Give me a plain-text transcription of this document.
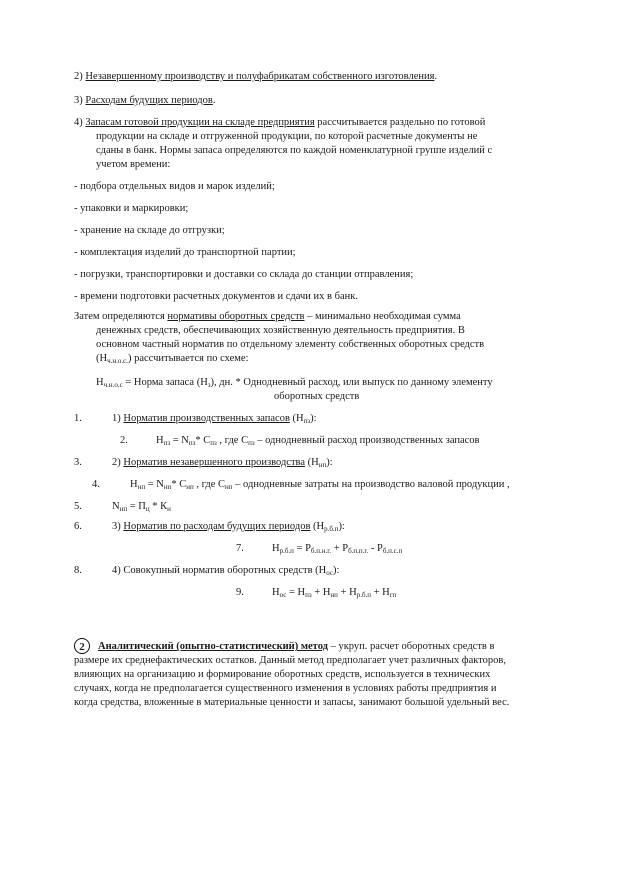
2) Незавершенному производству и полуфабрикатам собственного изготовления.
3) Расходам будущих периодов.
4) Запасам готовой продукции на складе предприятия рассчитывается раздельно по готовой
продукции на складе и отгруженной продукции, по которой расчетные документы не
сданы в банк. Нормы запаса определяются по каждой номенклатурной группе изделий с
учетом времени:
- подбора отдельных видов и марок изделий;
- упаковки и маркировки;
- хранение на складе до отгрузки;
- комплектация изделий до транспортной партии;
- погрузки, транспортировки и доставки со склада до станции отправления;
- времени подготовки расчетных документов и сдачи их в банк.
Затем определяются нормативы оборотных средств – минимально необходимая сумма
денежных средств, обеспечивающих хозяйственную деятельность предприятия. В
основном частный норматив по отдельному элементу собственных оборотных средств
$(Н_{ч.н.о.с.})$ рассчитывается по схеме:
$Н_{ч.н.о.с}$ = Норма запаса $(Н_з)$, дн. * Однодневный расход, или выпуск по данному элементу
оборотных средств
1.	1) Норматив производственных запасов $(Н_{пз})$:
2.	$Н_{пз} = N_{пз}*$ $С_{пз}$ , где $С_{пз}$ – однодневный расход производственных запасов
3.	2) Норматив незавершенного производства $(Н_{нп})$:
4.	$Н_{нп} = N_{нп}*$ $С_{нп}$ , где $С_{нп}$ – однодневные затраты на производство валовой продукции ,
5.	$N_{нп} = П_ц * К_н$
6.	3) Норматив по расходам будущих периодов $(Н_{р.б.п})$:
7.	$Н_{р.б.п} = Р_{б.п.н.г.} + Р_{б.п.п.г.} - Р_{б.п.с.п}$
8.	4) Совокупный норматив оборотных средств $(Н_{ос})$:
9.	$Н_{ос} = Н_{пз} + Н_{нп} + Н_{р.б.п} + Н_{гп}$
2	Аналитический (опытно-статистический) метод – укруп. расчет оборотных средств в
размере их среднефактических остатков. Данный метод предполагает учет различных факторов,
влияющих на организацию и формирование оборотных средств, используется в технических
случаях, когда не предполагается существенного изменения в условиях работы предприятия и
когда средства, вложенные в материальные ценности и запасы, занимают большой удельный вес.
